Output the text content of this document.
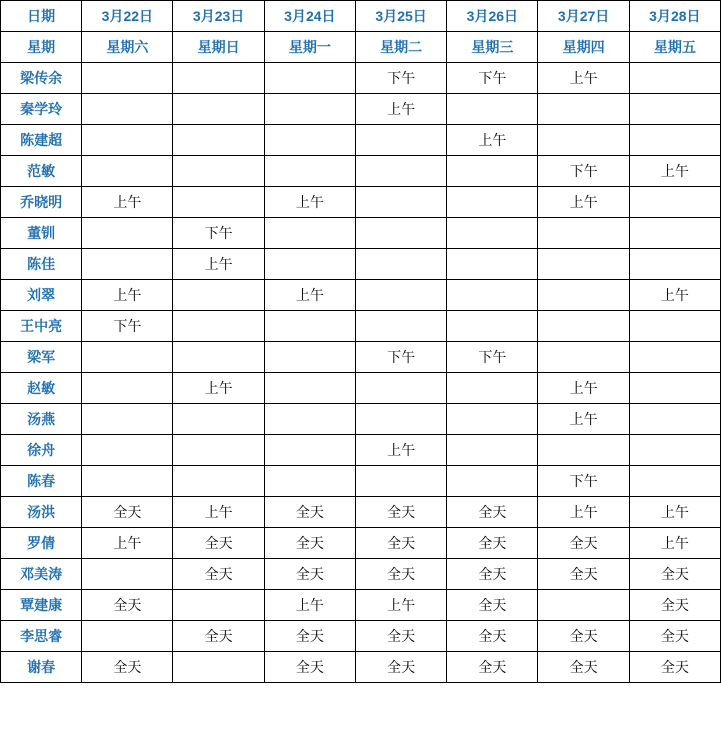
日期	3月22日	3月23日	3月24日	3月25日	3月26日	3月27日	3月28日
星期	星期六	星期日	星期一	星期二	星期三	星期四	星期五
梁传余				下午	下午	上午	
秦学玲				上午			
陈建超					上午		
范敏						下午	上午
乔晓明	上午		上午			上午	
董钏		下午					
陈佳		上午					
刘翠	上午		上午				上午
王中亮	下午						
梁军				下午	下午		
赵敏		上午				上午	
汤燕						上午	
徐舟				上午			
陈春						下午	
汤洪	全天	上午	全天	全天	全天	上午	上午
罗倩	上午	全天	全天	全天	全天	全天	上午
邓美涛		全天	全天	全天	全天	全天	全天
覃建康	全天		上午	上午	全天		全天
李思睿		全天	全天	全天	全天	全天	全天
谢春	全天		全天	全天	全天	全天	全天
